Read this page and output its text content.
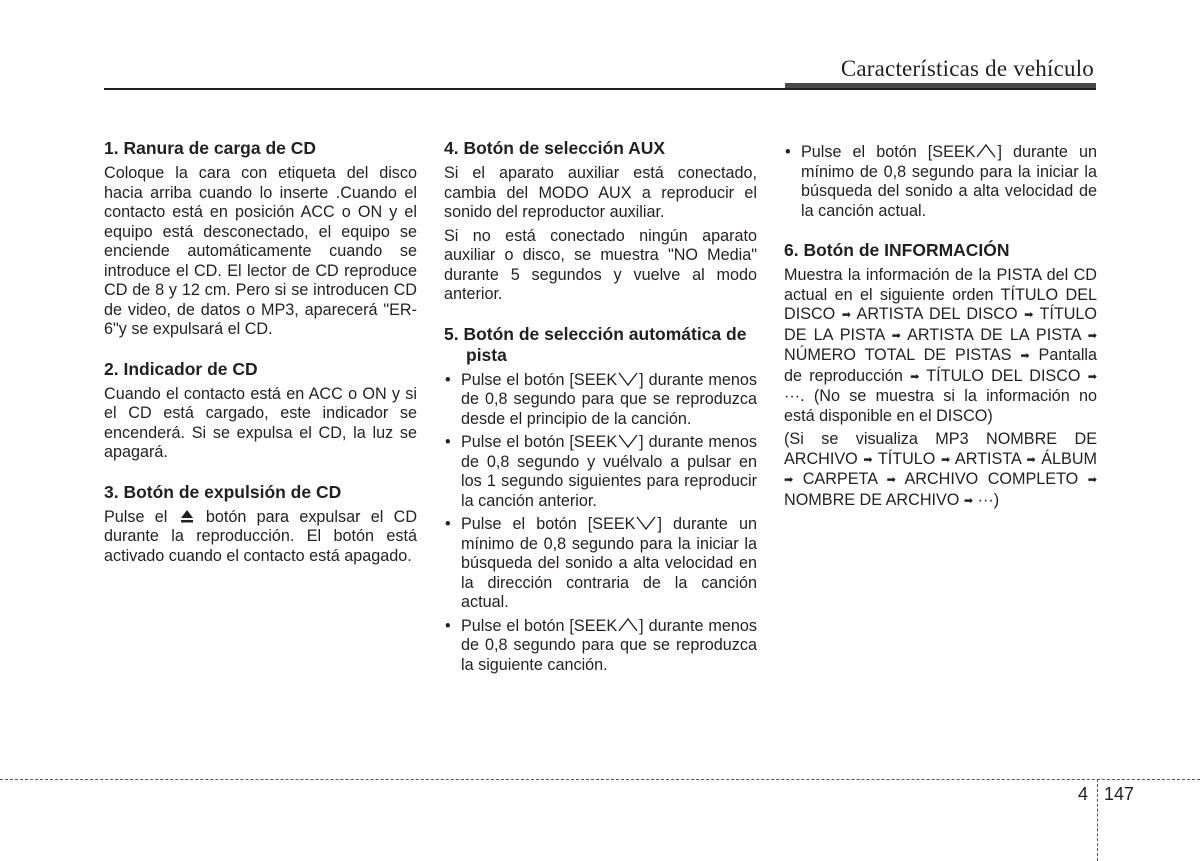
Características de vehículo
1. Ranura de carga de CD

Coloque la cara con etiqueta del disco hacia arriba cuando lo inserte .Cuando el contacto está en posición ACC o ON y el equipo está desconectado, el equipo se enciende automáticamente cuando se introduce el CD. El lector de CD reproduce CD de 8 y 12 cm. Pero si se introducen CD de video, de datos o MP3, aparecerá "ER-6"y se expulsará el CD.

2. Indicador de CD

Cuando el contacto está en ACC o ON y si el CD está cargado, este indicador se encenderá. Si se expulsa el CD, la luz se apagará.

3. Botón de expulsión de CD

Pulse el botón para expulsar el CD durante la reproducción. El botón está activado cuando el contacto está apagado.

4. Botón de selección AUX

Si el aparato auxiliar está conectado, cambia del MODO AUX a reproducir el sonido del reproductor auxiliar.

Si no está conectado ningún aparato auxiliar o disco, se muestra "NO Media" durante 5 segundos y vuelve al modo anterior.

5. Botón de selección automática de pista
• Pulse el botón [SEEK ] durante menos de 0,8 segundo para que se reproduzca desde el principio de la canción.
• Pulse el botón [SEEK ] durante menos de 0,8 segundo y vuélvalo a pulsar en los 1 segundo siguientes para reproducir la canción anterior.
• Pulse el botón [SEEK ] durante un mínimo de 0,8 segundo para la iniciar la búsqueda del sonido a alta velocidad en la dirección contraria de la canción actual.
• Pulse el botón [SEEK ] durante menos de 0,8 segundo para que se reproduzca la siguiente canción.
• Pulse el botón [SEEK ] durante un mínimo de 0,8 segundo para la iniciar la búsqueda del sonido a alta velocidad de la canción actual.
6. Botón de INFORMACIÓN

Muestra la información de la PISTA del CD actual en el siguiente orden TÍTULO DEL DISCO ➡ ARTISTA DEL DISCO ➡ TÍTULO DE LA PISTA ➡ ARTISTA DE LA PISTA ➡ NÚMERO TOTAL DE PISTAS ➡ Pantalla de reproducción ➡ TÍTULO DEL DISCO ➡ ···. (No se muestra si la información no está disponible en el DISCO)

(Si se visualiza MP3 NOMBRE DE ARCHIVO ➡ TÍTULO ➡ ARTISTA ➡ ÁLBUM ➡ CARPETA ➡ ARCHIVO COMPLETO ➡ NOMBRE DE ARCHIVO ➡ ···)

4 147
